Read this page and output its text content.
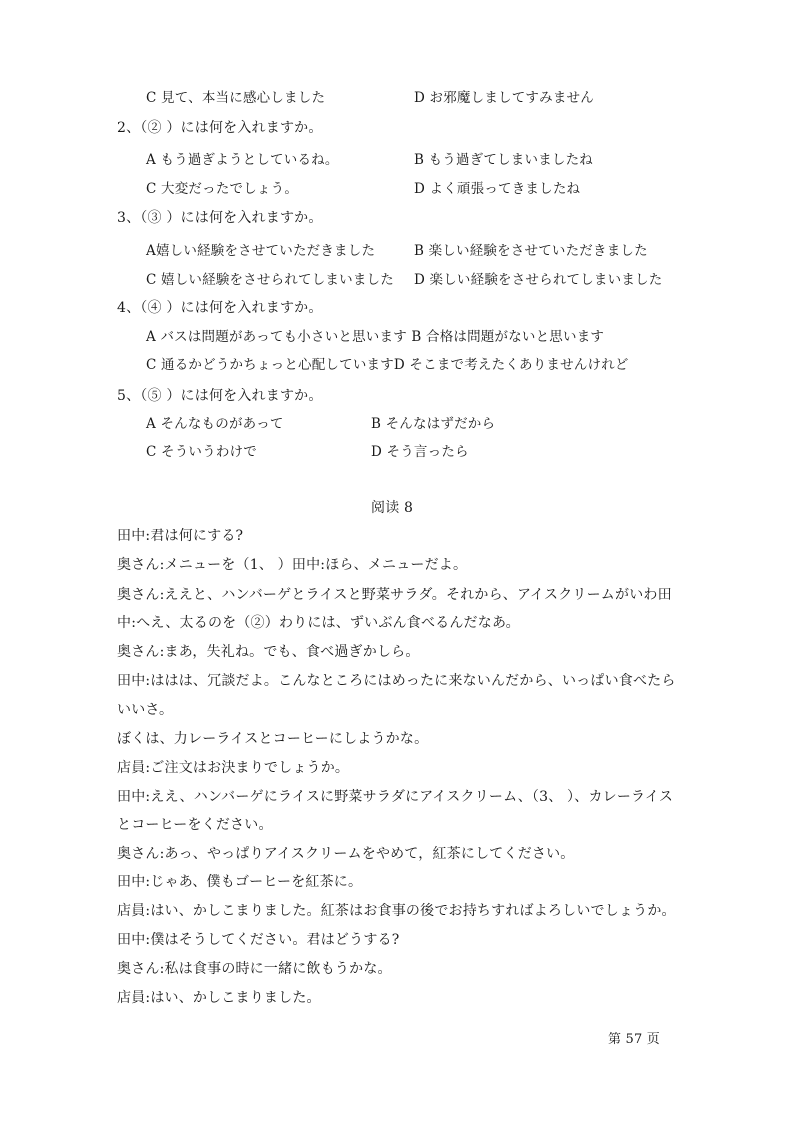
C 見て、本当に感心しました	D お邪魔しましてすみません
2、（② ）には何を入れますか。
A もう過ぎようとしているね。	B もう過ぎてしまいましたね
C 大変だったでしょう。	D よく頑張ってきましたね
3、（③ ）には何を入れますか。
A嬉しい経験をさせていただきました	B 楽しい経験をさせていただきました
C 嬉しい経験をさせられてしまいました D 楽しい経験をさせられてしまいました
4、（④ ）には何を入れますか。
A バスは問題があっても小さいと思います B 合格は問題がないと思います
C 通るかどうかちょっと心配していますD そこまで考えたくありませんけれど
5、（⑤ ）には何を入れますか。
A そんなものがあって	B そんなはずだから
C そういうわけで	D そう言ったら
阅读 8
田中:君は何にする?
奥さん:メニューを（1、 ）田中:ほら、メニューだよ。
奥さん:ええと、ハンバーゲとライスと野菜サラダ。それから、アイスクリームがいわ田
中:へえ、太るのを（②）わりには、ずいぶん食べるんだなあ。
奥さん:まあ，失礼ね。でも、食べ過ぎかしら。
田中:ははは、冗談だよ。こんなところにはめったに来ないんだから、いっぱい食べたら
いいさ。
ぼくは、力レーライスとコーヒーにしようかな。
店員:ご注文はお決まりでしょうか。
田中:ええ、ハンバーゲにライスに野菜サラダにアイスクリーム、（3、 ）、カレーライス
とコーヒーをください。
奥さん:あっ、やっぱりアイスクリームをやめて，紅茶にしてください。
田中:じゃあ、僕もゴーヒーを紅茶に。
店員:はい、かしこまりました。紅茶はお食事の後でお持ちすればよろしいでしょうか。
田中:僕はそうしてください。君はどうする?
奥さん:私は食事の時に一緒に飲もうかな。
店員:はい、かしこまりました。
第 57 页
